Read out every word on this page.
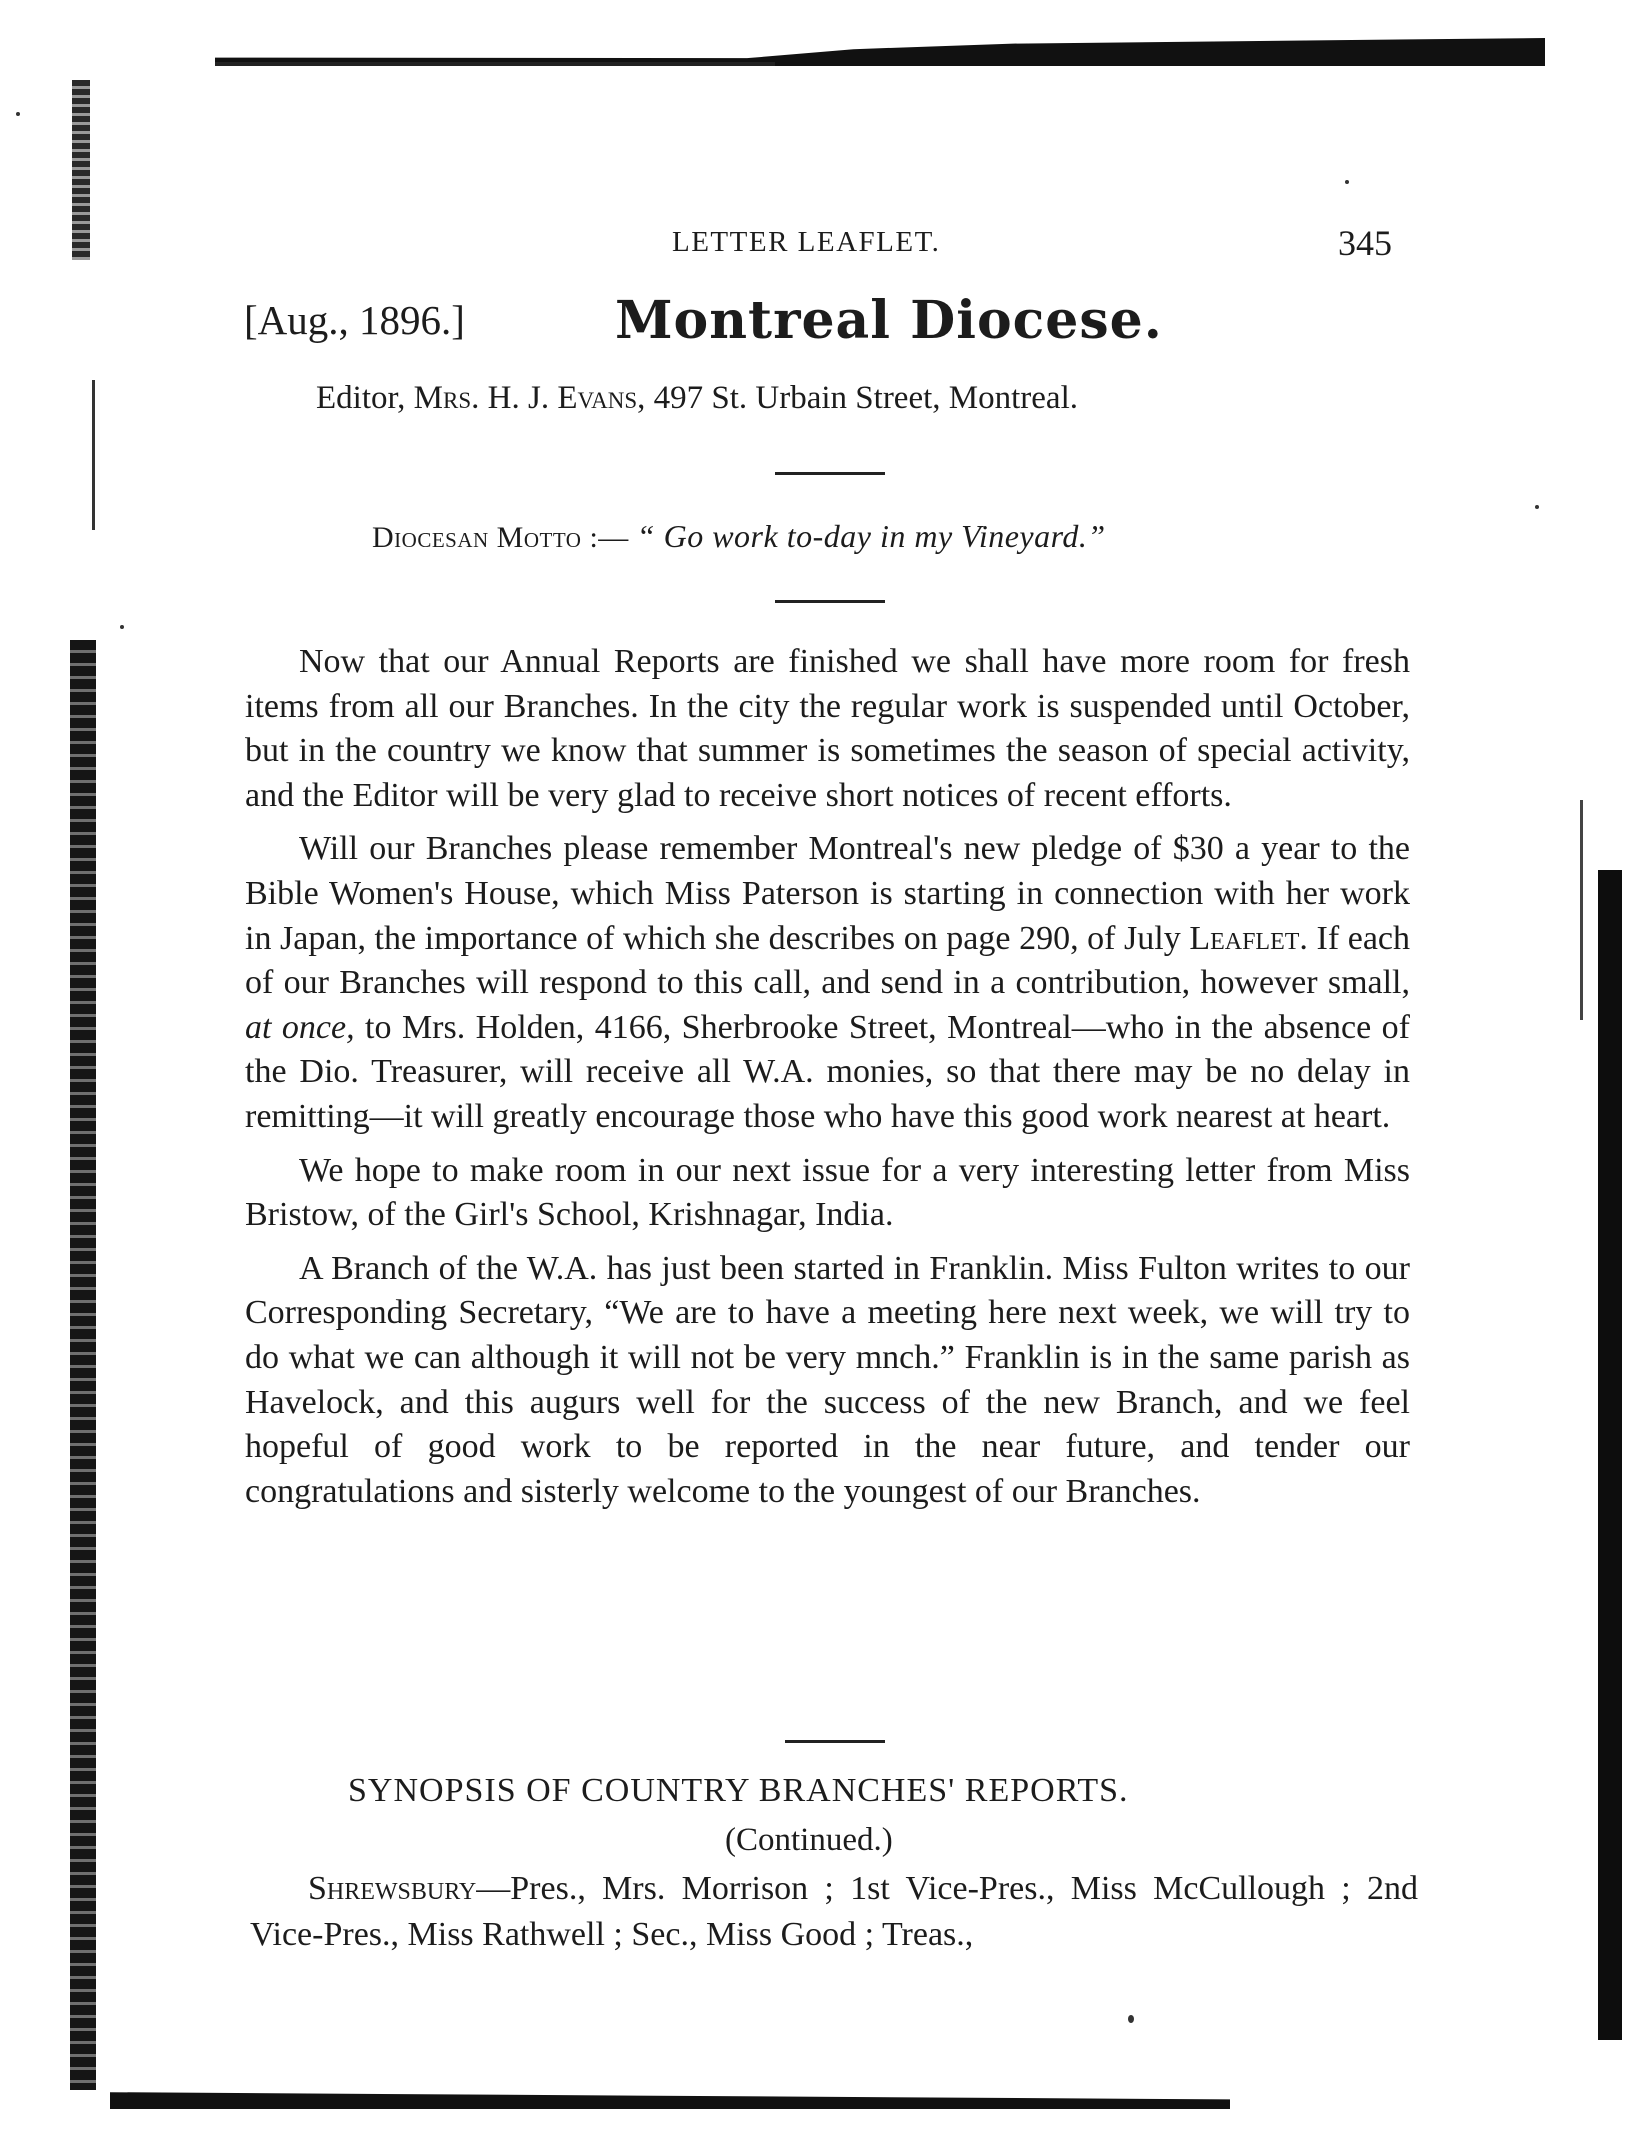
LETTER LEAFLET.	345
[Aug., 1896.]	Montreal Diocese.
Editor, Mrs. H. J. Evans, 497 St. Urbain Street, Montreal.
Diocesan Motto :— “ Go work to-day in my Vineyard.”

Now that our Annual Reports are finished we shall have more room for fresh items from all our Branches. In the city the regular work is suspended until October, but in the country we know that summer is sometimes the season of special activity, and the Editor will be very glad to receive short notices of recent efforts.

Will our Branches please remember Montreal's new pledge of $30 a year to the Bible Women's House, which Miss Paterson is starting in connection with her work in Japan, the importance of which she describes on page 290, of July Leaflet. If each of our Branches will respond to this call, and send in a contribution, however small, at once, to Mrs. Holden, 4166, Sherbrooke Street, Montreal—who in the absence of the Dio. Treasurer, will receive all W.A. monies, so that there may be no delay in remitting—it will greatly encourage those who have this good work nearest at heart.

We hope to make room in our next issue for a very interesting letter from Miss Bristow, of the Girl's School, Krishnagar, India.

A Branch of the W.A. has just been started in Franklin. Miss Fulton writes to our Corresponding Secretary, “We are to have a meeting here next week, we will try to do what we can although it will not be very mnch.” Franklin is in the same parish as Havelock, and this augurs well for the success of the new Branch, and we feel hopeful of good work to be reported in the near future, and tender our congratulations and sisterly welcome to the youngest of our Branches.

SYNOPSIS OF COUNTRY BRANCHES' REPORTS.
(Continued.)
Shrewsbury—Pres., Mrs. Morrison ; 1st Vice-Pres., Miss McCullough ; 2nd Vice-Pres., Miss Rathwell ; Sec., Miss Good ; Treas.,
